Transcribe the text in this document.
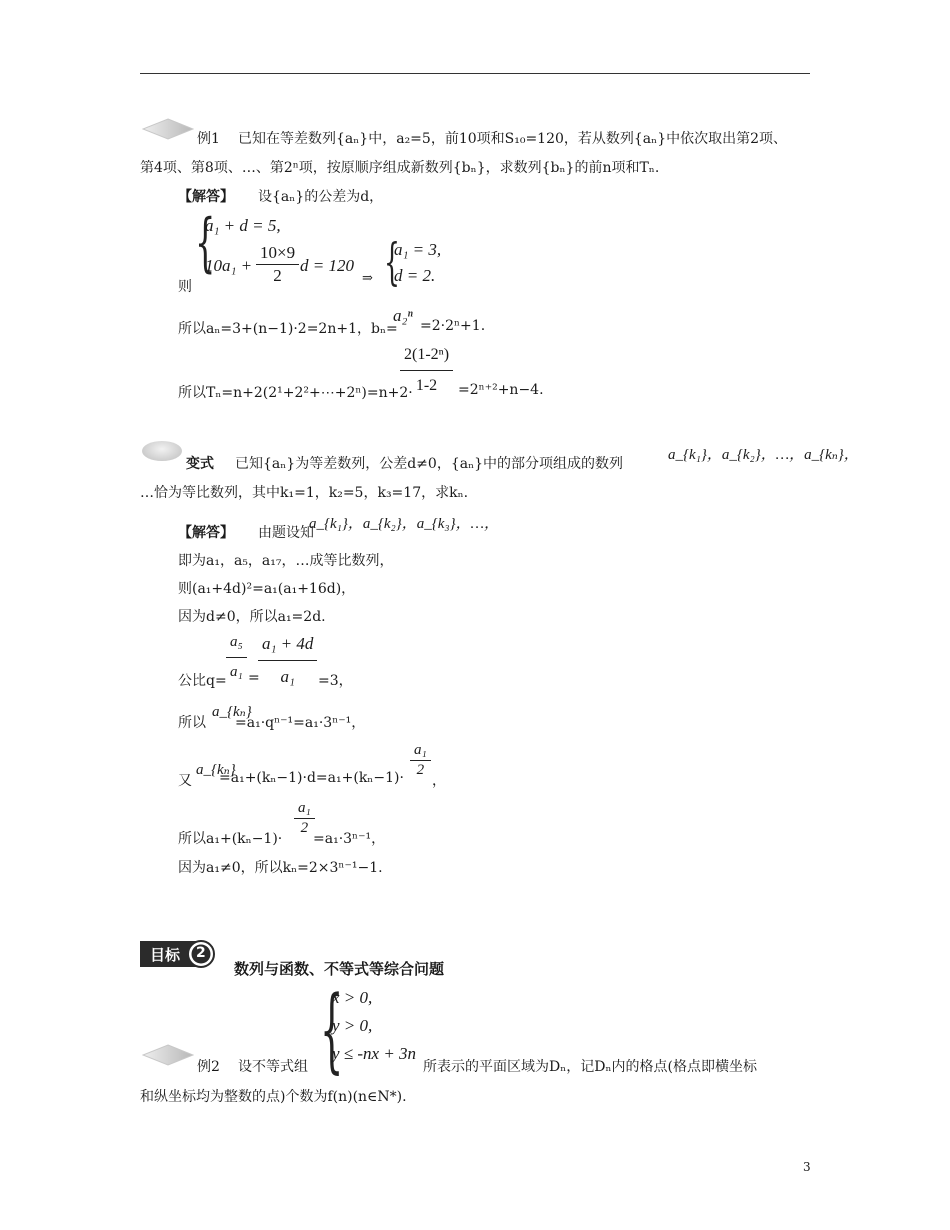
例1 已知在等差数列{aₙ}中，a₂=5，前10项和S₁₀=120，若从数列{aₙ}中依次取出第2项、
第4项、第8项、…、第2ⁿ项，按原顺序组成新数列{bₙ}，求数列{bₙ}的前n项和Tₙ.
【解答】 设{aₙ}的公差为d，
{
a₁ + d = 5,
$10a_1 + \frac{10\times 9}{2}$ d = 120
则
⇒ {
a₁ = 3,
d = 2.
所以aₙ=3+(n−1)·2=2n+1，bₙ=
a₂ⁿ
=2·2ⁿ+1.
所以Tₙ=n+2(2¹+2²+⋯+2ⁿ)=n+2·
$\frac{\text{2(1-2ⁿ)}}{1-2} =2^{n+2}+n-4$.
变式 已知{aₙ}为等差数列，公差d≠0，{aₙ}中的部分项组成的数列
a_{k₁}，a_{k₂}，…，a_{kₙ}，
…恰为等比数列，其中k₁=1，k₂=5，k₃=17，求kₙ.
【解答】 由题设知
a_{k₁}，a_{k₂}，a_{k₃}，…，
即为a₁，a₅，a₁₇，…成等比数列，
则(a₁+4d)²=a₁(a₁+16d)，
因为d≠0，所以a₁=2d.
公比$q= \frac{\text{a₅}}{\text{a₁}}$ =
$\frac{\text{a₁ + 4d}}{\text{a₁}} =3$，
所以
a_{kₙ}
=a₁·qⁿ⁻¹=a₁·3ⁿ⁻¹，
又
a_{kₙ}
$=a_1+(k_n-1)\cdot d=a_1+(k_n-1)\cdot \frac{\text{a₁}}{2}$
，
所以a₁+(kₙ−1)·
$\frac{\text{a₁}}{2}$
=a₁·3ⁿ⁻¹，
因为a₁≠0，所以kₙ=2×3ⁿ⁻¹−1.
目标 2
数列与函数、不等式等综合问题
例2 设不等式组 {
x > 0,
y > 0,
y ≤ -nx + 3n
所表示的平面区域为Dₙ，记Dₙ内的格点(格点即横坐标
和纵坐标均为整数的点)个数为f(n)(n∈N*).
3
